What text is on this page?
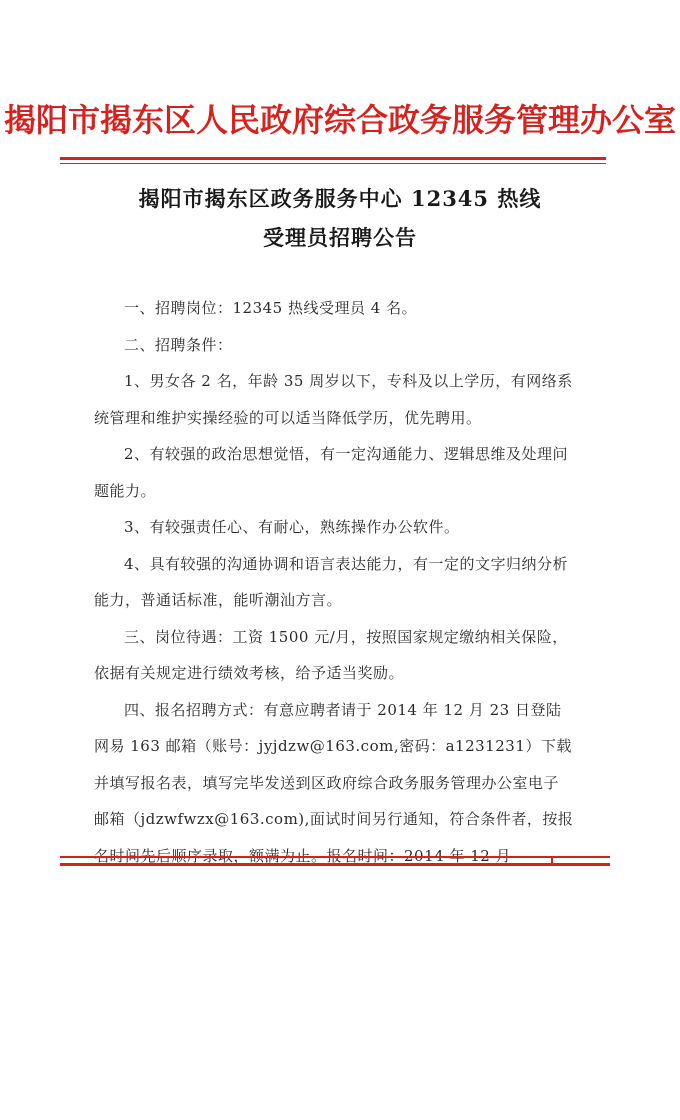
揭阳市揭东区人民政府综合政务服务管理办公室
揭阳市揭东区政务服务中心 12345 热线
受理员招聘公告

一、招聘岗位：12345 热线受理员 4 名。

二、招聘条件：

1、男女各 2 名，年龄 35 周岁以下，专科及以上学历，有网络系统管理和维护实操经验的可以适当降低学历，优先聘用。

2、有较强的政治思想觉悟，有一定沟通能力、逻辑思维及处理问题能力。

3、有较强责任心、有耐心，熟练操作办公软件。

4、具有较强的沟通协调和语言表达能力，有一定的文字归纳分析能力，普通话标准，能听潮汕方言。

三、岗位待遇：工资 1500 元/月，按照国家规定缴纳相关保险，依据有关规定进行绩效考核，给予适当奖励。

四、报名招聘方式：有意应聘者请于 2014 年 12 月 23 日登陆网易 163 邮箱（账号：jyjdzw@163.com,密码：a1231231）下载并填写报名表，填写完毕发送到区政府综合政务服务管理办公室电子邮箱（jdzwfwzx@163.com),面试时间另行通知，符合条件者，按报
